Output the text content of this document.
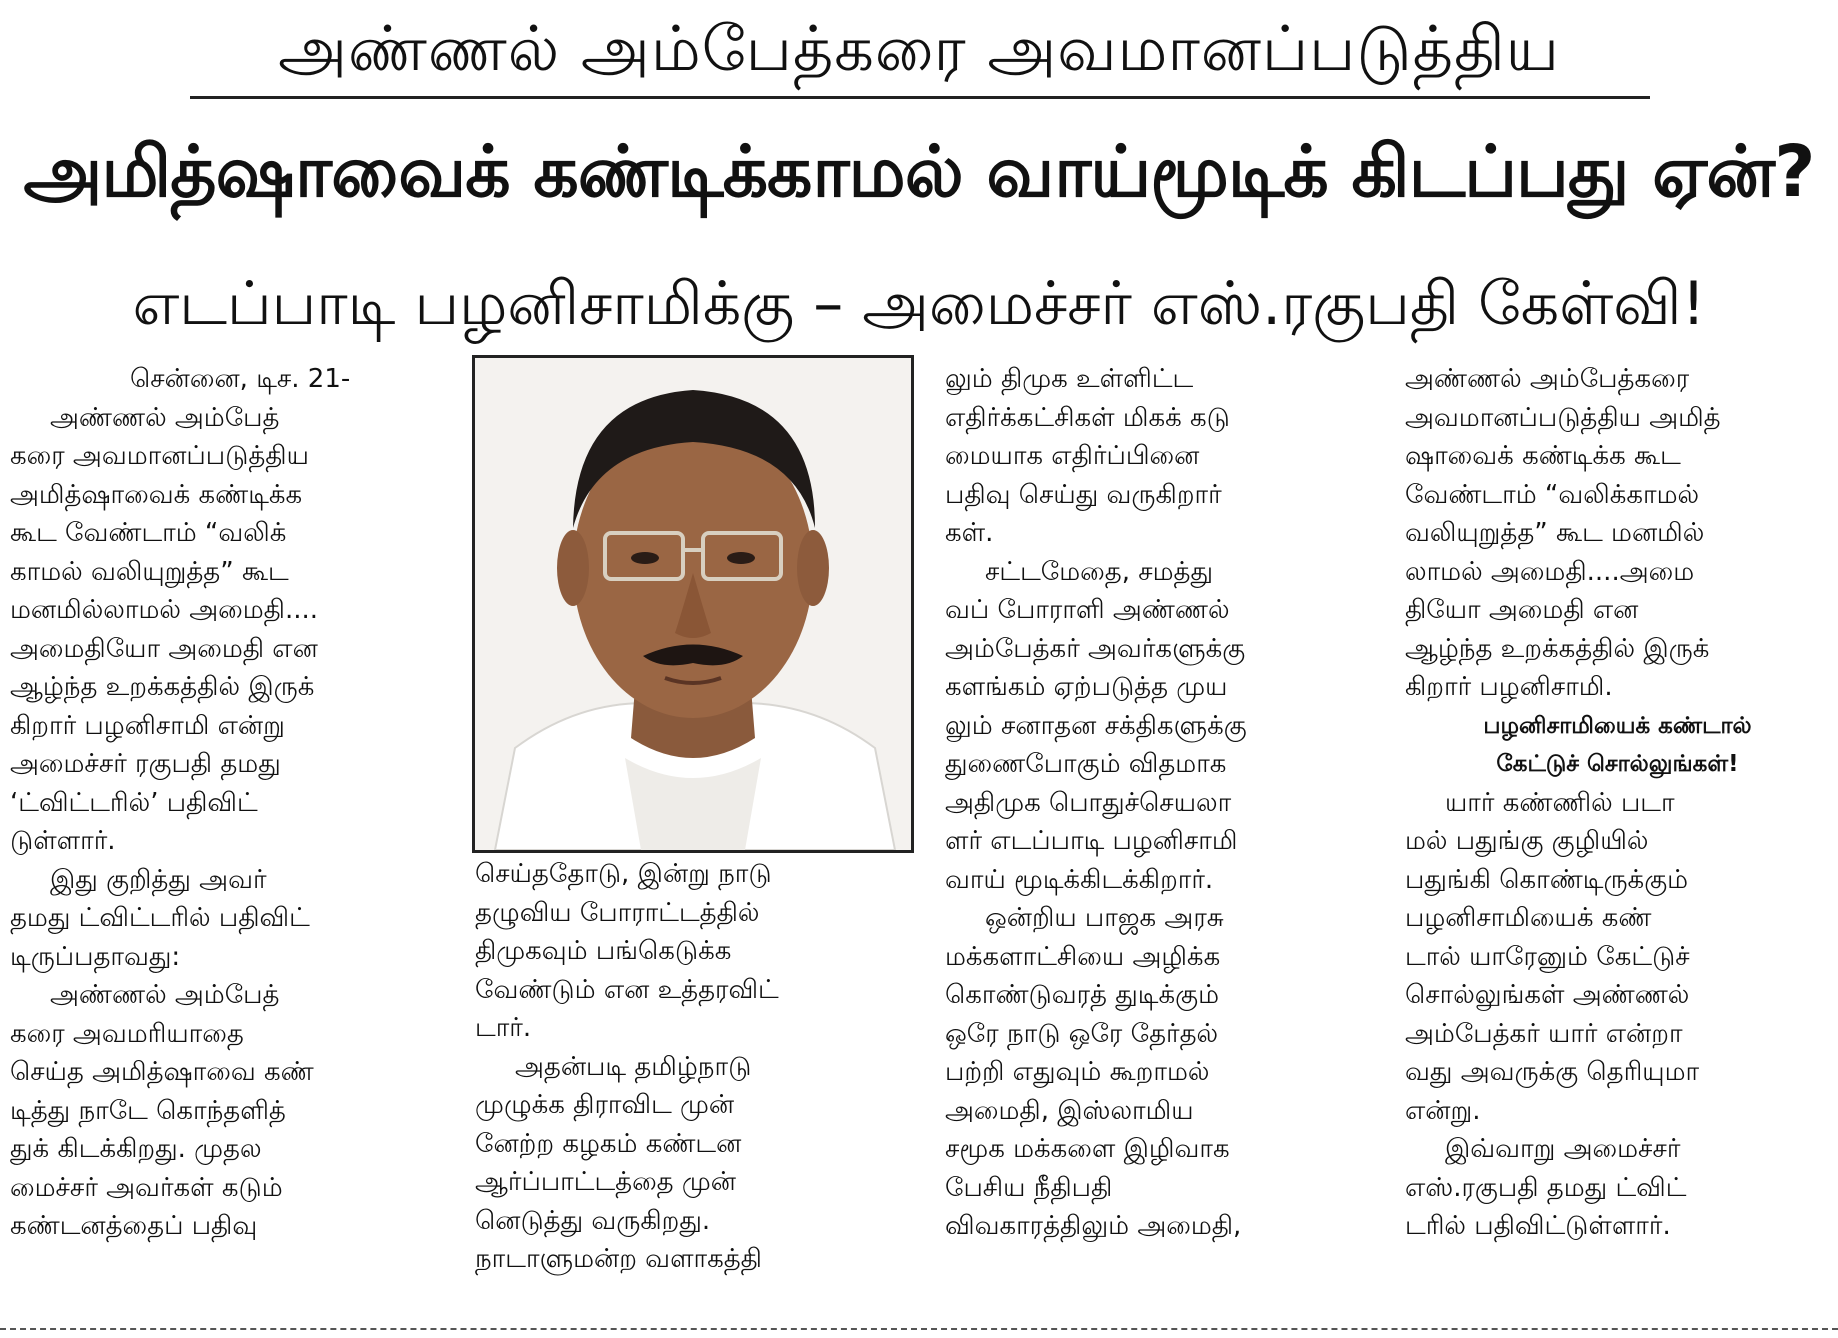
அண்ணல் அம்பேத்கரை அவமானப்படுத்திய
அமித்ஷாவைக் கண்டிக்காமல் வாய்மூடிக் கிடப்பது ஏன்?
எடப்பாடி பழனிசாமிக்கு – அமைச்சர் எஸ்.ரகுபதி கேள்வி!
சென்னை, டிச. 21-
அண்ணல் அம்பேத்
கரை அவமானப்படுத்திய
அமித்ஷாவைக் கண்டிக்க
கூட வேண்டாம் “வலிக்
காமல் வலியுறுத்த” கூட
மனமில்லாமல் அமைதி....
அமைதியோ அமைதி என
ஆழ்ந்த உறக்கத்தில் இருக்
கிறார் பழனிசாமி என்று
அமைச்சர் ரகுபதி தமது
‘ட்விட்டரில்’ பதிவிட்
டுள்ளார்.
இது குறித்து அவர்
தமது ட்விட்டரில் பதிவிட்
டிருப்பதாவது:
அண்ணல் அம்பேத்
கரை அவமரியாதை
செய்த அமித்ஷாவை கண்
டித்து நாடே கொந்தளித்
துக் கிடக்கிறது. முதல
மைச்சர் அவர்கள் கடும்
கண்டனத்தைப் பதிவு
செய்ததோடு, இன்று நாடு
தழுவிய போராட்டத்தில்
திமுகவும் பங்கெடுக்க
வேண்டும் என உத்தரவிட்
டார்.
அதன்படி தமிழ்நாடு
முழுக்க திராவிட முன்
னேற்ற கழகம் கண்டன
ஆர்ப்பாட்டத்தை முன்
னெடுத்து வருகிறது.
நாடாளுமன்ற வளாகத்தி
லும் திமுக உள்ளிட்ட
எதிர்க்கட்சிகள் மிகக் கடு
மையாக எதிர்ப்பினை
பதிவு செய்து வருகிறார்
கள்.
சட்டமேதை, சமத்து
வப் போராளி அண்ணல்
அம்பேத்கர் அவர்களுக்கு
களங்கம் ஏற்படுத்த முய
லும் சனாதன சக்திகளுக்கு
துணைபோகும் விதமாக
அதிமுக பொதுச்செயலா
ளர் எடப்பாடி பழனிசாமி
வாய் மூடிக்கிடக்கிறார்.
ஒன்றிய பாஜக அரசு
மக்களாட்சியை அழிக்க
கொண்டுவரத் துடிக்கும்
ஒரே நாடு ஒரே தேர்தல்
பற்றி எதுவும் கூறாமல்
அமைதி, இஸ்லாமிய
சமூக மக்களை இழிவாக
பேசிய நீதிபதி
விவகாரத்திலும் அமைதி,
அண்ணல் அம்பேத்கரை
அவமானப்படுத்திய அமித்
ஷாவைக் கண்டிக்க கூட
வேண்டாம் “வலிக்காமல்
வலியுறுத்த” கூட மனமில்
லாமல் அமைதி....அமை
தியோ அமைதி என
ஆழ்ந்த உறக்கத்தில் இருக்
கிறார் பழனிசாமி.
பழனிசாமியைக் கண்டால்
கேட்டுச் சொல்லுங்கள்!
யார் கண்ணில் படா
மல் பதுங்கு குழியில்
பதுங்கி கொண்டிருக்கும்
பழனிசாமியைக் கண்
டால் யாரேனும் கேட்டுச்
சொல்லுங்கள் அண்ணல்
அம்பேத்கர் யார் என்றா
வது அவருக்கு தெரியுமா
என்று.
இவ்வாறு அமைச்சர்
எஸ்.ரகுபதி தமது ட்விட்
டரில் பதிவிட்டுள்ளார்.
